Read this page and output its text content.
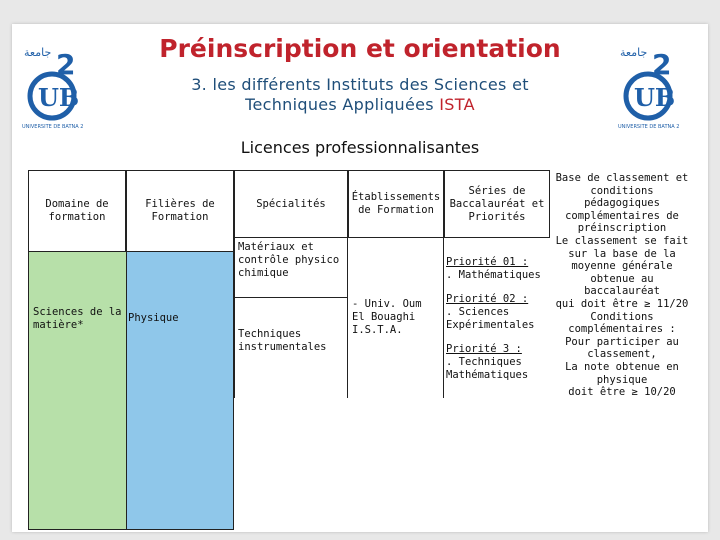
جامعة 2
UB
UNIVERSITE DE BATNA 2
جامعة 2
UB
UNIVERSITE DE BATNA 2
Préinscription et orientation
3. les différents Instituts des Sciences et
Techniques Appliquées ISTA
Licences professionnalisantes
Domaine de formation
Filières de Formation
Spécialités
Établissements de Formation
Séries de Baccalauréat et Priorités
Sciences de la matière*
Physique
Matériaux et contrôle physico chimique
Techniques instrumentales
- Univ. Oum El Bouaghi
I.S.T.A.
Priorité 01 :
. Mathématiques
Priorité 02 :
. Sciences Expérimentales
Priorité 3 :
. Techniques Mathématiques
Base de classement et conditions pédagogiques complémentaires de préinscription
Le classement se fait sur la base de la moyenne générale obtenue au baccalauréat
qui doit être ≥ 11/20
Conditions complémentaires :
Pour participer au classement,
La note obtenue en physique
doit être ≥ 10/20
